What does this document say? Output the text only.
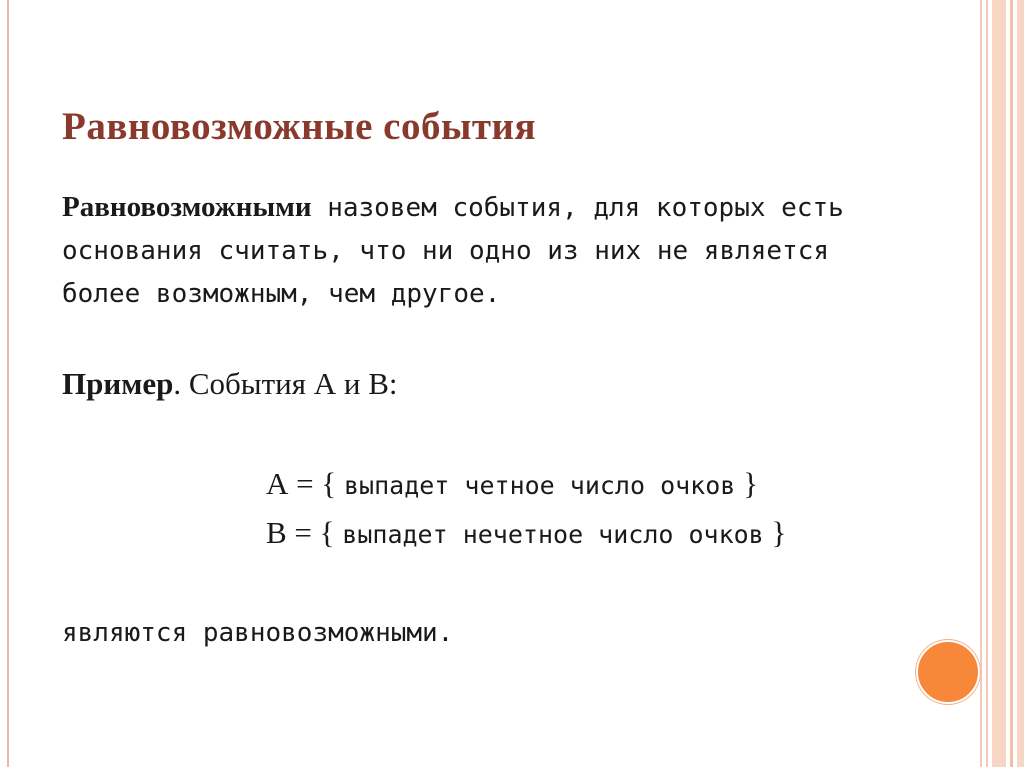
Равновозможные события
Равновозможными назовем события, для которых есть основания считать, что ни одно из них не является более возможным, чем другое.
Пример. События А и В:
А = { выпадет четное число очков }
В = { выпадет нечетное число очков }
являются равновозможными.
